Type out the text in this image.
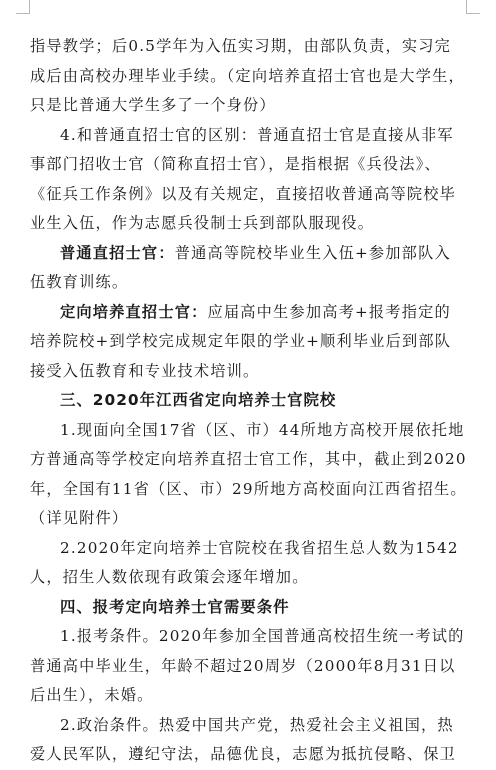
指导教学；后0.5学年为入伍实习期，由部队负责，实习完
成后由高校办理毕业手续。（定向培养直招士官也是大学生，
只是比普通大学生多了一个身份）
4.和普通直招士官的区别：普通直招士官是直接从非军
事部门招收士官（简称直招士官），是指根据《兵役法》、
《征兵工作条例》以及有关规定，直接招收普通高等院校毕
业生入伍，作为志愿兵役制士兵到部队服现役。
普通直招士官：普通高等院校毕业生入伍+参加部队入
伍教育训练。
定向培养直招士官：应届高中生参加高考+报考指定的
培养院校+到学校完成规定年限的学业+顺利毕业后到部队
接受入伍教育和专业技术培训。
三、2020年江西省定向培养士官院校
1.现面向全国17省（区、市）44所地方高校开展依托地
方普通高等学校定向培养直招士官工作，其中，截止到2020
年，全国有11省（区、市）29所地方高校面向江西省招生。
（详见附件）
2.2020年定向培养士官院校在我省招生总人数为1542
人，招生人数依现有政策会逐年增加。
四、报考定向培养士官需要条件
1.报考条件。2020年参加全国普通高校招生统一考试的
普通高中毕业生，年龄不超过20周岁（2000年8月31日以
后出生），未婚。
2.政治条件。热爱中国共产党，热爱社会主义祖国，热
爱人民军队，遵纪守法，品德优良，志愿为抵抗侵略、保卫
